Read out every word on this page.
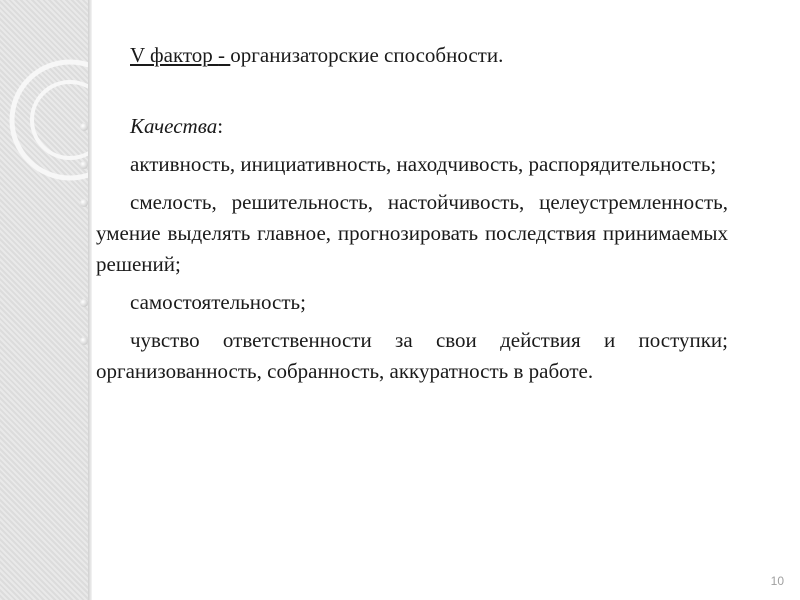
V фактор - организаторские способности.

Качества:

активность, инициативность, находчивость, распорядительность;

смелость, решительность, настойчивость, целеустремленность, умение выделять главное, прогнозировать последствия принимаемых решений;

самостоятельность;

чувство ответственности за свои действия и поступки; организованность, собранность, аккуратность в работе.

10
